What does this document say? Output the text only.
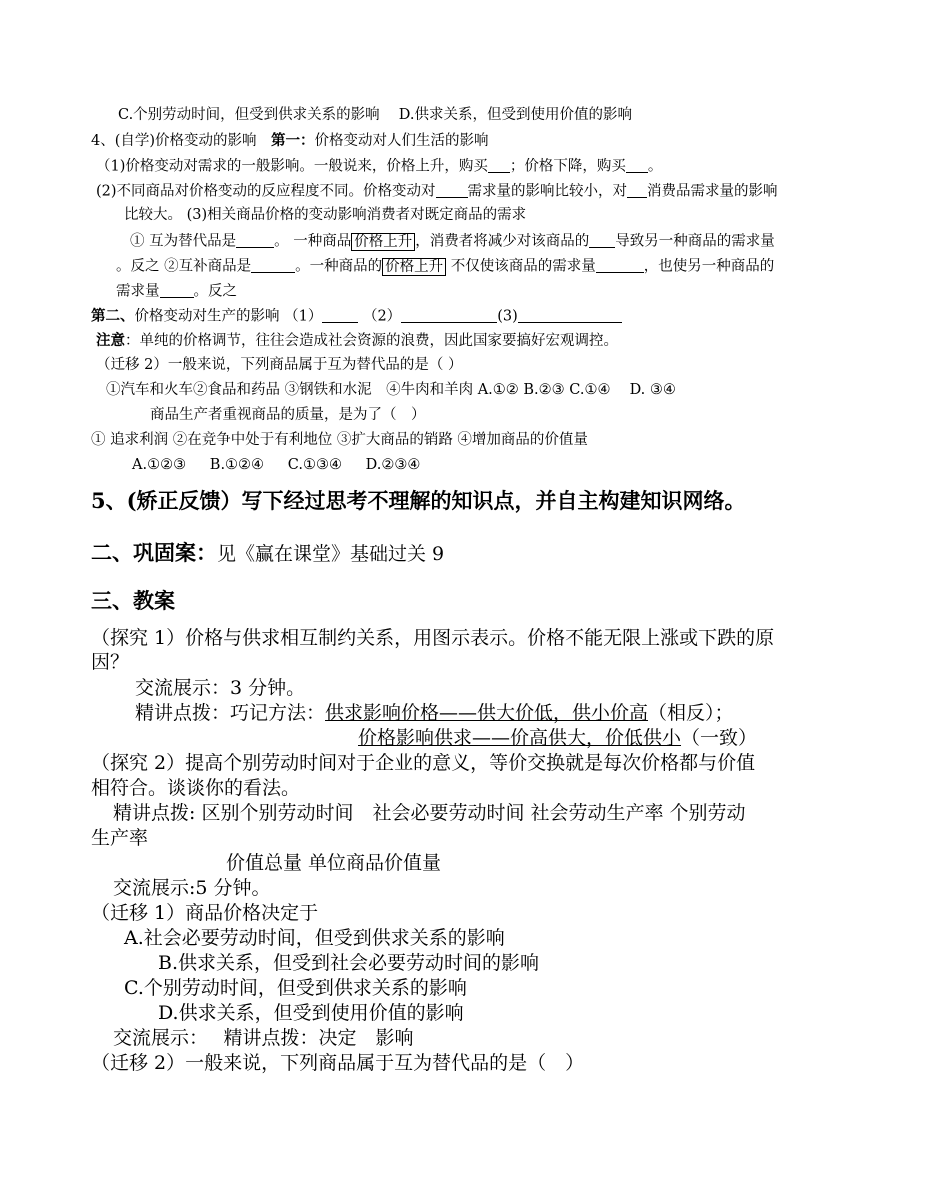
C.个别劳动时间，但受到供求关系的影响　 D.供求关系，但受到使用价值的影响
4、(自学)价格变动的影响　 第一：价格变动对人们生活的影响
（1)价格变动对需求的一般影响。一般说来，价格上升，购买 ；价格下降，购买 。
(2)不同商品对价格变动的反应程度不同。价格变动对 需求量的影响比较小，对 消费品需求量的影响
比较大。 (3)相关商品价格的变动影响消费者对既定商品的需求
① 互为替代品是	。 一种商品 价格上升 ，消费者将减少对该商品的 导致另一种商品的需求量
。反之 ②互补商品是	。一种商品的 价格上升 不仅使该商品的需求量	，也使另一种商品的
需求量 。反之
第二、价格变动对生产的影响 （1） （2）	(3)
注意：单纯的价格调节，往往会造成社会资源的浪费，因此国家要搞好宏观调控。
（迁移 2）一般来说，下列商品属于互为替代品的是（ ）
①汽车和火车②食品和药品 ③钢铁和水泥　④牛肉和羊肉 A.①② B.②③ C.①④ 　D. ③④
商品生产者重视商品的质量，是为了（　）
① 追求利润 ②在竞争中处于有利地位 ③扩大商品的销路 ④增加商品的价值量
A.①②③ 　 B.①②④ 　 C.①③④ 　 D.②③④
5、(矫正反馈）写下经过思考不理解的知识点，并自主构建知识网络。
二、巩固案：见《赢在课堂》基础过关 9
三、教案
（探究 1）价格与供求相互制约关系，用图示表示。价格不能无限上涨或下跌的原
因？
交流展示：3 分钟。
精讲点拨：巧记方法：供求影响价格——供大价低，供小价高（相反）；
价格影响供求——价高供大，价低供小（一致）
（探究 2）提高个别劳动时间对于企业的意义，等价交换就是每次价格都与价值
相符合。谈谈你的看法。
精讲点拨: 区别个别劳动时间　社会必要劳动时间 社会劳动生产率 个别劳动
生产率
价值总量 单位商品价值量
交流展示:5 分钟。
（迁移 1）商品价格决定于
A.社会必要劳动时间，但受到供求关系的影响
B.供求关系，但受到社会必要劳动时间的影响
C.个别劳动时间，但受到供求关系的影响
D.供求关系，但受到使用价值的影响
交流展示：　 精讲点拨：决定　影响
（迁移 2）一般来说，下列商品属于互为替代品的是（　）
